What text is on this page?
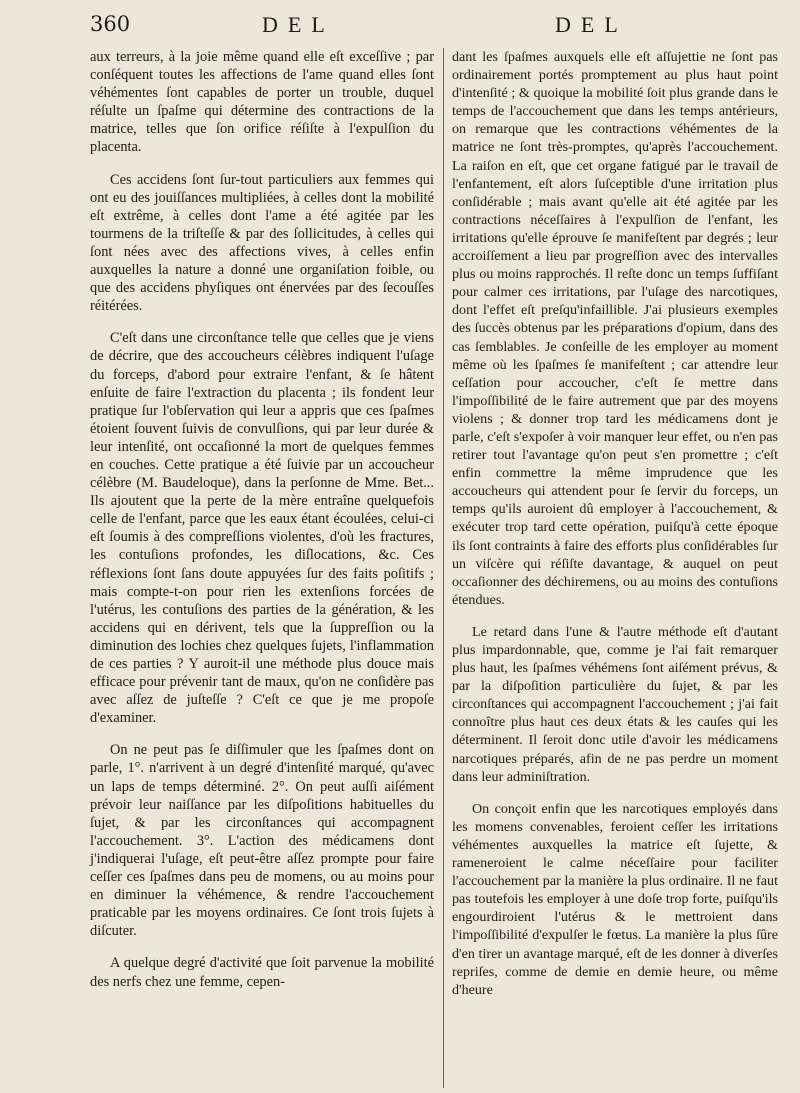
360	DEL	DEL

aux terreurs, à la joie même quand elle eſt exceſſive ; par conſéquent toutes les affections de l'ame quand elles ſont véhémentes ſont capables de porter un trouble, duquel réſulte un ſpaſme qui détermine des contractions de la matrice, telles que ſon orifice réſiſte à l'expulſion du placenta.

Ces accidens ſont ſur-tout particuliers aux femmes qui ont eu des jouiſſances multipliées, à celles dont la mobilité eſt extrême, à celles dont l'ame a été agitée par les tourmens de la triſteſſe & par des ſollicitudes, à celles qui ſont nées avec des affections vives, à celles enfin auxquelles la nature a donné une organiſation foible, ou que des accidens phyſiques ont énervées par des ſecouſſes réitérées.

C'eſt dans une circonſtance telle que celles que je viens de décrire, que des accoucheurs célèbres indiquent l'uſage du forceps, d'abord pour extraire l'enfant, & ſe hâtent enſuite de faire l'extraction du placenta ; ils fondent leur pratique ſur l'obſervation qui leur a appris que ces ſpaſmes étoient ſouvent ſuivis de convulſions, qui par leur durée & leur intenſité, ont occaſionné la mort de quelques femmes en couches. Cette pratique a été ſuivie par un accoucheur célèbre (M. Baudeloque), dans la perſonne de Mme. Bet... Ils ajoutent que la perte de la mère entraîne quelquefois celle de l'enfant, parce que les eaux étant écoulées, celui-ci eſt ſoumis à des compreſſions violentes, d'où les fractures, les contuſions profondes, les diſlocations, &c. Ces réflexions ſont ſans doute appuyées ſur des faits poſitifs ; mais compte-t-on pour rien les extenſions forcées de l'utérus, les contuſions des parties de la génération, & les accidens qui en dérivent, tels que la ſuppreſſion ou la diminution des lochies chez quelques ſujets, l'inflammation de ces parties ? Y auroit-il une méthode plus douce mais efficace pour prévenir tant de maux, qu'on ne conſidère pas avec aſſez de juſteſſe ? C'eſt ce que je me propoſe d'examiner.

On ne peut pas ſe diſſimuler que les ſpaſmes dont on parle, 1°. n'arrivent à un degré d'intenſité marqué, qu'avec un laps de temps déterminé. 2°. On peut auſſi aiſément prévoir leur naiſſance par les diſpoſitions habituelles du ſujet, & par les circonſtances qui accompagnent l'accouchement. 3°. L'action des médicamens dont j'indiquerai l'uſage, eſt peut-être aſſez prompte pour faire ceſſer ces ſpaſmes dans peu de momens, ou au moins pour en diminuer la véhémence, & rendre l'accouchement praticable par les moyens ordinaires. Ce ſont trois ſujets à diſcuter.

A quelque degré d'activité que ſoit parvenue la mobilité des nerfs chez une femme, cepen-

dant les ſpaſmes auxquels elle eſt aſſujettie ne ſont pas ordinairement portés promptement au plus haut point d'intenſité ; & quoique la mobilité ſoit plus grande dans le temps de l'accouchement que dans les temps antérieurs, on remarque que les contractions véhémentes de la matrice ne ſont très-promptes, qu'après l'accouchement. La raiſon en eſt, que cet organe fatigué par le travail de l'enfantement, eſt alors ſuſceptible d'une irritation plus conſidérable ; mais avant qu'elle ait été agitée par les contractions néceſſaires à l'expulſion de l'enfant, les irritations qu'elle éprouve ſe manifeſtent par degrés ; leur accroiſſement a lieu par progreſſion avec des intervalles plus ou moins rapprochés. Il reſte donc un temps ſuffiſant pour calmer ces irritations, par l'uſage des narcotiques, dont l'effet eſt preſqu'infaillible. J'ai plusieurs exemples des ſuccès obtenus par les préparations d'opium, dans des cas ſemblables. Je conſeille de les employer au moment même où les ſpaſmes ſe manifeſtent ; car attendre leur ceſſation pour accoucher, c'eſt ſe mettre dans l'impoſſibilité de le faire autrement que par des moyens violens ; & donner trop tard les médicamens dont je parle, c'eſt s'expoſer à voir manquer leur effet, ou n'en pas retirer tout l'avantage qu'on peut s'en promettre ; c'eſt enfin commettre la même imprudence que les accoucheurs qui attendent pour ſe ſervir du forceps, un temps qu'ils auroient dû employer à l'accouchement, & exécuter trop tard cette opération, puiſqu'à cette époque ils ſont contraints à faire des efforts plus conſidérables ſur un viſcère qui réſiſte davantage, & auquel on peut occaſionner des déchiremens, ou au moins des contuſions étendues.

Le retard dans l'une & l'autre méthode eſt d'autant plus impardonnable, que, comme je l'ai fait remarquer plus haut, les ſpaſmes véhémens ſont aiſément prévus, & par la diſpoſition particulière du ſujet, & par les circonſtances qui accompagnent l'accouchement ; j'ai fait connoître plus haut ces deux états & les cauſes qui les déterminent. Il ſeroit donc utile d'avoir les médicamens narcotiques préparés, afin de ne pas perdre un moment dans leur adminiſtration.

On conçoit enfin que les narcotiques employés dans les momens convenables, feroient ceſſer les irritations véhémentes auxquelles la matrice eſt ſujette, & rameneroient le calme néceſſaire pour faciliter l'accouchement par la manière la plus ordinaire. Il ne faut pas toutefois les employer à une doſe trop forte, puiſqu'ils engourdiroient l'utérus & le mettroient dans l'impoſſibilité d'expulſer le fœtus. La manière la plus ſûre d'en tirer un avantage marqué, eſt de les donner à diverſes repriſes, comme de demie en demie heure, ou même d'heure
